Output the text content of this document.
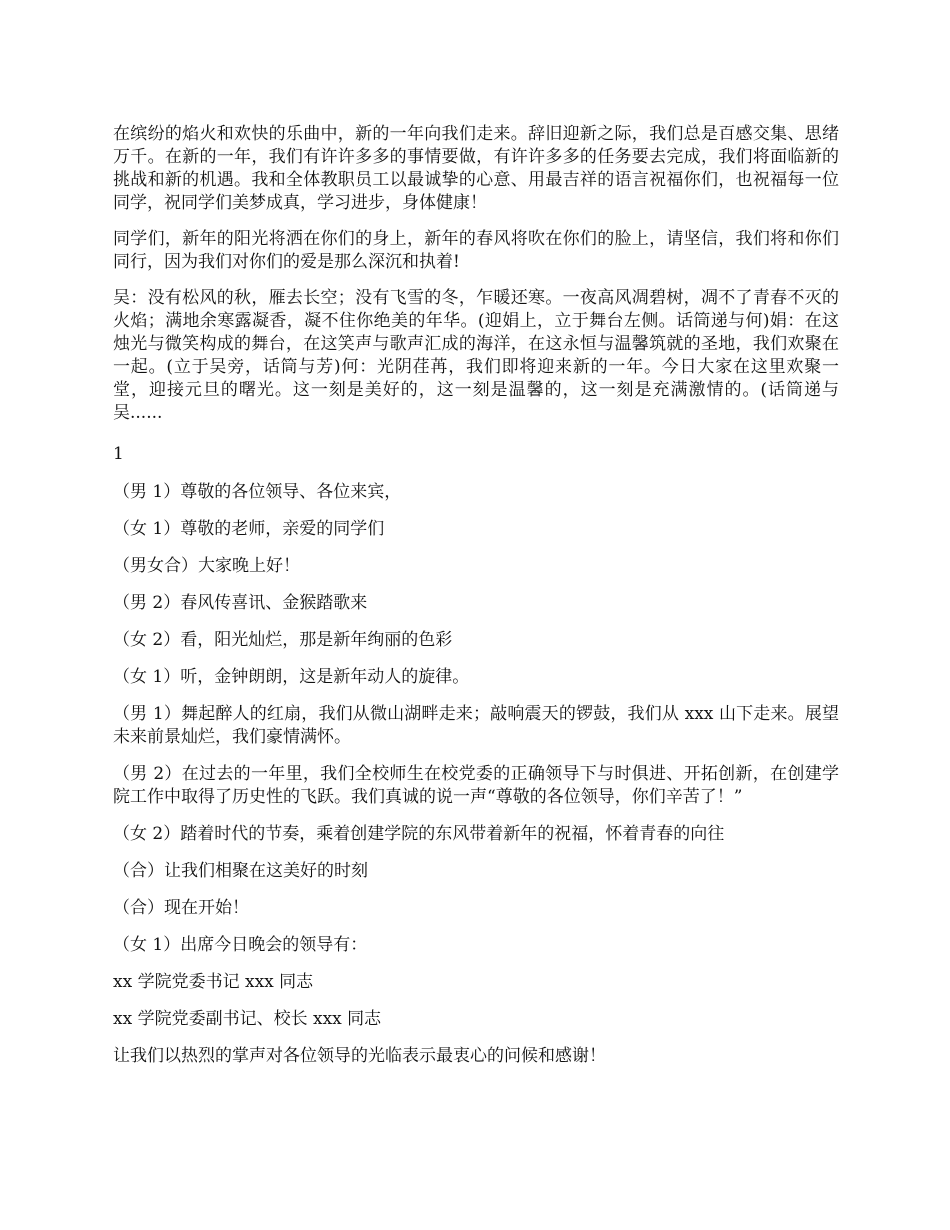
在缤纷的焰火和欢快的乐曲中，新的一年向我们走来。辞旧迎新之际，我们总是百感交集、思绪万千。在新的一年，我们有许许多多的事情要做，有许许多多的任务要去完成，我们将面临新的挑战和新的机遇。我和全体教职员工以最诚挚的心意、用最吉祥的语言祝福你们，也祝福每一位同学，祝同学们美梦成真，学习进步，身体健康！

同学们，新年的阳光将洒在你们的身上，新年的春风将吹在你们的脸上，请坚信，我们将和你们同行，因为我们对你们的爱是那么深沉和执着!

吴：没有松风的秋，雁去长空；没有飞雪的冬，乍暖还寒。一夜高风凋碧树，凋不了青春不灭的火焰；满地余寒露凝香，凝不住你绝美的年华。(迎娟上，立于舞台左侧。话筒递与何)娟：在这烛光与微笑构成的舞台，在这笑声与歌声汇成的海洋，在这永恒与温馨筑就的圣地，我们欢聚在一起。(立于吴旁，话筒与芳)何：光阴荏苒，我们即将迎来新的一年。今日大家在这里欢聚一堂，迎接元旦的曙光。这一刻是美好的，这一刻是温馨的，这一刻是充满激情的。(话筒递与吴......

1

（男 1）尊敬的各位领导、各位来宾，

（女 1）尊敬的老师，亲爱的同学们

（男女合）大家晚上好！

（男 2）春风传喜讯、金猴踏歌来

（女 2）看，阳光灿烂，那是新年绚丽的色彩

（女 1）听，金钟朗朗，这是新年动人的旋律。

（男 1）舞起醉人的红扇，我们从微山湖畔走来；敲响震天的锣鼓，我们从 xxx 山下走来。展望未来前景灿烂，我们豪情满怀。

（男 2）在过去的一年里，我们全校师生在校党委的正确领导下与时俱进、开拓创新，在创建学院工作中取得了历史性的飞跃。我们真诚的说一声“尊敬的各位领导，你们辛苦了！”

（女 2）踏着时代的节奏，乘着创建学院的东风带着新年的祝福，怀着青春的向往

（合）让我们相聚在这美好的时刻

（合）现在开始！

（女 1）出席今日晚会的领导有：

xx 学院党委书记 xxx 同志

xx 学院党委副书记、校长 xxx 同志

让我们以热烈的掌声对各位领导的光临表示最衷心的问候和感谢！
